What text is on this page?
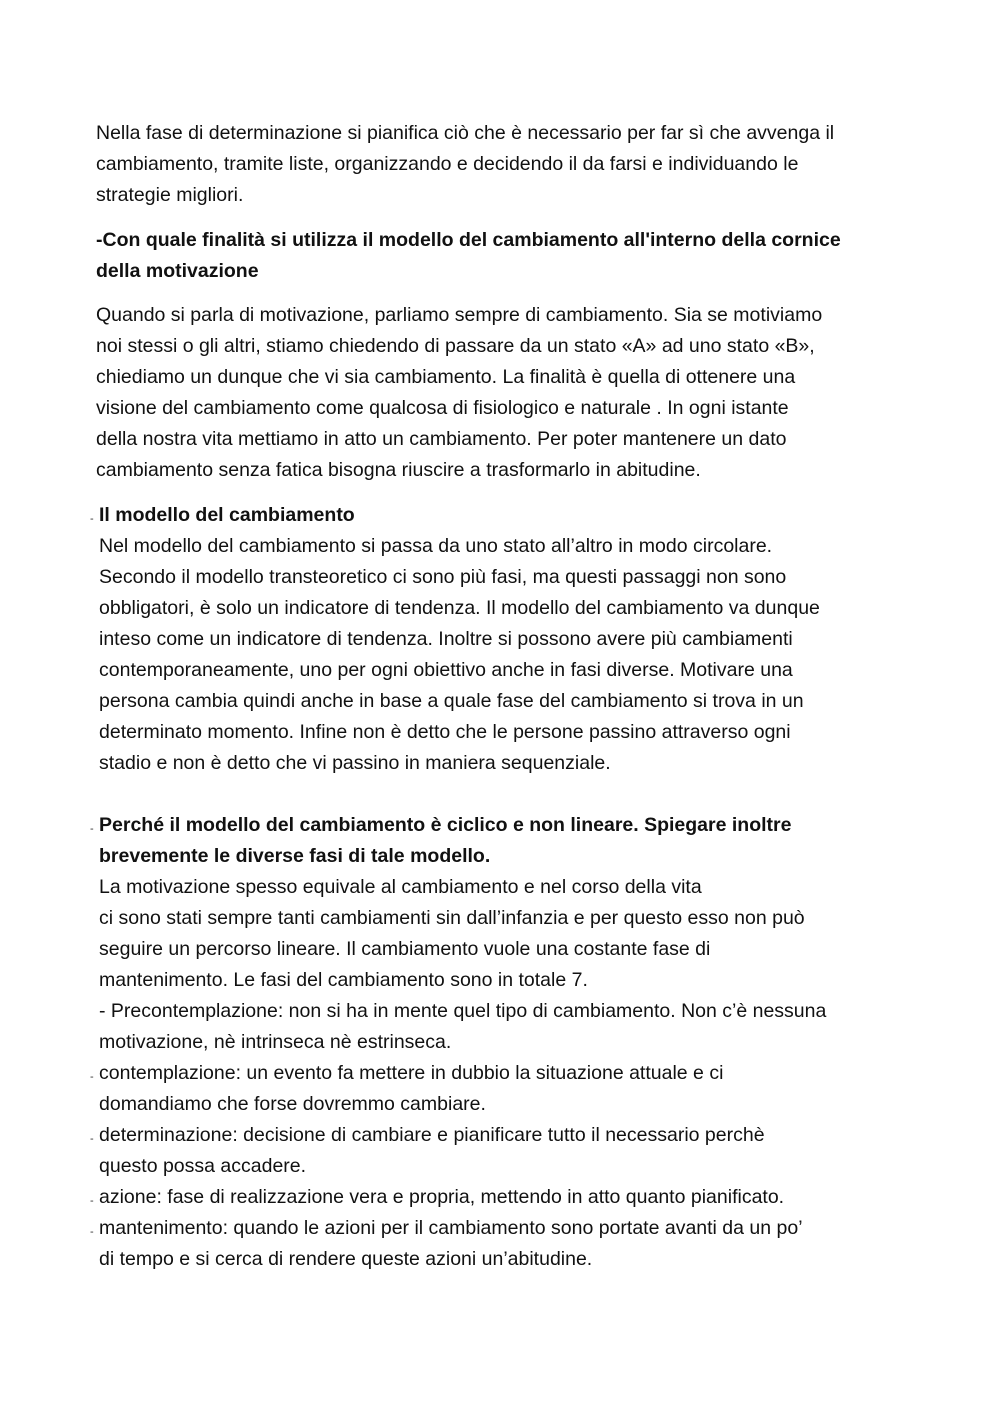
Nella fase di determinazione si pianifica ciò che è necessario per far sì che avvenga il
cambiamento, tramite liste, organizzando e decidendo il da farsi e individuando le
strategie migliori.
-Con quale finalità si utilizza il modello del cambiamento all'interno della cornice
della motivazione
Quando si parla di motivazione, parliamo sempre di cambiamento. Sia se motiviamo
noi stessi o gli altri, stiamo chiedendo di passare da un stato «A» ad uno stato «B»,
chiediamo un dunque che vi sia cambiamento. La finalità è quella di ottenere una
visione del cambiamento come qualcosa di fisiologico e naturale . In ogni istante
della nostra vita mettiamo in atto un cambiamento. Per poter mantenere un dato
cambiamento senza fatica bisogna riuscire a trasformarlo in abitudine.
- Il modello del cambiamento
Nel modello del cambiamento si passa da uno stato all’altro in modo circolare.
Secondo il modello transteoretico ci sono più fasi, ma questi passaggi non sono
obbligatori, è solo un indicatore di tendenza. Il modello del cambiamento va dunque
inteso come un indicatore di tendenza. Inoltre si possono avere più cambiamenti
contemporaneamente, uno per ogni obiettivo anche in fasi diverse. Motivare una
persona cambia quindi anche in base a quale fase del cambiamento si trova in un
determinato momento. Infine non è detto che le persone passino attraverso ogni
stadio e non è detto che vi passino in maniera sequenziale.
- Perché il modello del cambiamento è ciclico e non lineare. Spiegare inoltre
brevemente le diverse fasi di tale modello.
La motivazione spesso equivale al cambiamento e nel corso della vita
ci sono stati sempre tanti cambiamenti sin dall’infanzia e per questo esso non può
seguire un percorso lineare. Il cambiamento vuole una costante fase di
mantenimento. Le fasi del cambiamento sono in totale 7.
- Precontemplazione: non si ha in mente quel tipo di cambiamento. Non c’è nessuna
motivazione, nè intrinseca nè estrinseca.
- contemplazione: un evento fa mettere in dubbio la situazione attuale e ci
domandiamo che forse dovremmo cambiare.
- determinazione: decisione di cambiare e pianificare tutto il necessario perchè
questo possa accadere.
- azione: fase di realizzazione vera e propria, mettendo in atto quanto pianificato.
- mantenimento: quando le azioni per il cambiamento sono portate avanti da un po’
di tempo e si cerca di rendere queste azioni un’abitudine.
